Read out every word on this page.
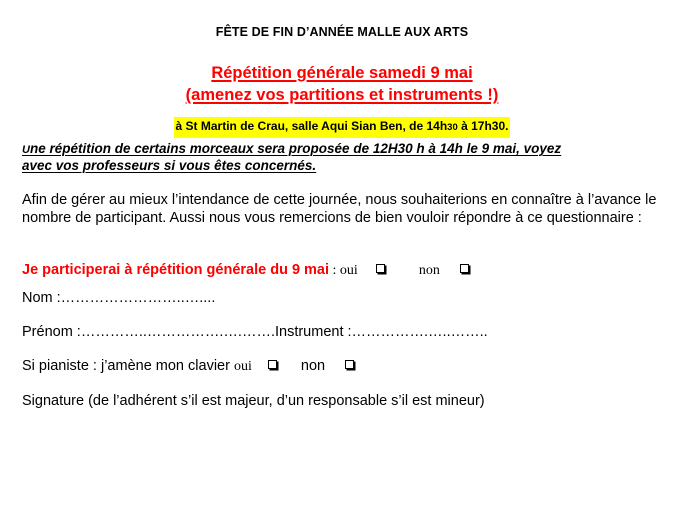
FÊTE DE FIN D’ANNÉE MALLE AUX ARTS
Répétition générale samedi 9 mai
(amenez vos partitions et instruments !)
à St Martin de Crau, salle Aqui Sian Ben, de 14h30 à 17h30.
Une répétition de certains morceaux sera proposée de 12H30 h à 14h le 9 mai, voyez
avec vos professeurs si vous êtes concernés.
Afin de gérer au mieux l’intendance de cette journée, nous souhaiterions en connaître à l’avance le nombre de participant. Aussi nous vous remercions de bien vouloir répondre à ce questionnaire :
Je participerai à répétition générale du 9 mai : oui	non
Nom :……………………..…....
Prénom :…………..…………….….…….Instrument :…………….…..……..
Si pianiste : j’amène mon clavier oui	non
Signature (de l’adhérent s’il est majeur, d’un responsable s’il est mineur)
